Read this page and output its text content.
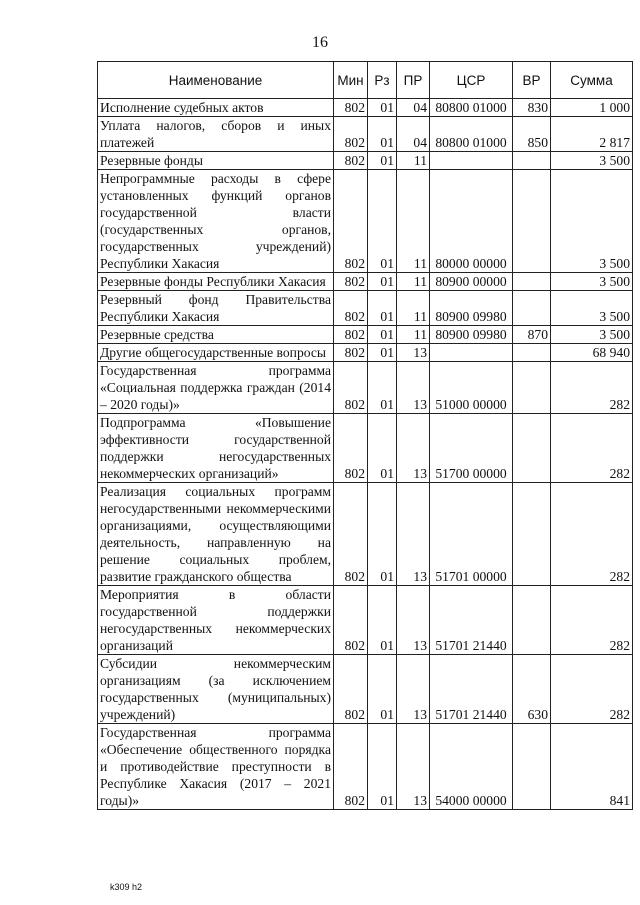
16
Наименование	Мин	Рз	ПР	ЦСР	ВР	Сумма
Исполнение судебных актов	802	01	04	80800 01000	830	1 000
Уплата налогов, сборов и иных платежей	802	01	04	80800 01000	850	2 817
Резервные фонды	802	01	11			3 500
Непрограммные расходы в сфере установленных функций органов государственной власти (государственных органов, государственных учреждений) Республики Хакасия	802	01	11	80000 00000		3 500
Резервные фонды Республики Хакасия	802	01	11	80900 00000		3 500
Резервный фонд Правительства Республики Хакасия	802	01	11	80900 09980		3 500
Резервные средства	802	01	11	80900 09980	870	3 500
Другие общегосударственные вопросы	802	01	13			68 940
Государственная программа «Социальная поддержка граждан (2014 – 2020 годы)»	802	01	13	51000 00000		282
Подпрограмма «Повышение эффективности государственной поддержки негосударственных некоммерческих организаций»	802	01	13	51700 00000		282
Реализация социальных программ негосударственными некоммерческими организациями, осуществляющими деятельность, направленную на решение социальных проблем, развитие гражданского общества	802	01	13	51701 00000		282
Мероприятия в области государственной поддержки негосударственных некоммерческих организаций	802	01	13	51701 21440		282
Субсидии некоммерческим организациям (за исключением государственных (муниципальных) учреждений)	802	01	13	51701 21440	630	282
Государственная программа «Обеспечение общественного порядка и противодействие преступности в Республике Хакасия (2017 – 2021 годы)»	802	01	13	54000 00000		841
k309 h2
